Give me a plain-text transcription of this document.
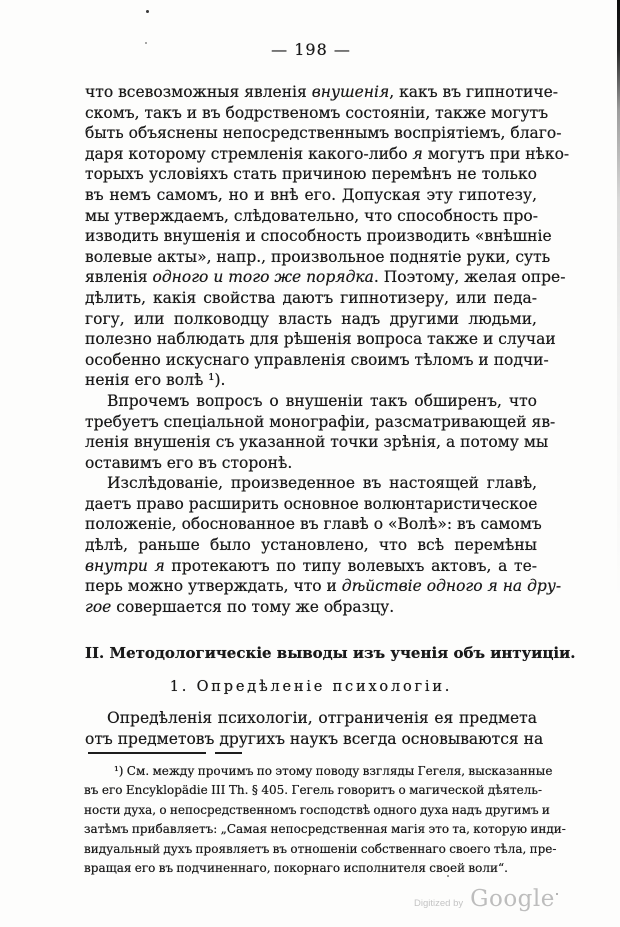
— 198 —
что всевозможныя явленія внушенія, какъ въ гипнотиче-
скомъ, такъ и въ бодрственомъ состояніи, также могутъ
быть объяснены непосредственнымъ воспріятіемъ, благо-
даря которому стремленія какого-либо я могутъ при нѣко-
торыхъ условіяхъ стать причиною перемѣнъ не только
въ немъ самомъ, но и внѣ его. Допуская эту гипотезу,
мы утверждаемъ, слѣдовательно, что способность про-
изводить внушенія и способность производить «внѣшніе
волевые акты», напр., произвольное поднятіе руки, суть
явленія одного и того же порядка. Поэтому, желая опре-
дѣлить, какія свойства даютъ гипнотизеру, или педа-
гогу, или полководцу власть надъ другими людьми,
полезно наблюдать для рѣшенія вопроса также и случаи
особенно искуснаго управленія своимъ тѣломъ и подчи-
ненія его волѣ ¹).
Впрочемъ вопросъ о внушеніи такъ обширенъ, что
требуетъ спеціальной монографіи, разсматривающей яв-
ленія внушенія съ указанной точки зрѣнія, а потому мы
оставимъ его въ сторонѣ.
Изслѣдованіе, произведенное въ настоящей главѣ,
даетъ право расширить основное волюнтаристическое
положеніе, обоснованное въ главѣ о «Волѣ»: въ самомъ
дѣлѣ, раньше было установлено, что всѣ перемѣны
внутри я протекаютъ по типу волевыхъ актовъ, а те-
перь можно утверждать, что и дѣйствіе одного я на дру-
гое совершается по тому же образцу.
II. Методологическіе выводы изъ ученія объ интуиціи.
1. Опредѣленіе психологіи.
Опредѣленія психологіи, отграниченія ея предмета
отъ предметовъ другихъ наукъ всегда основываются на
¹) См. между прочимъ по этому поводу взгляды Гегеля, высказанные
въ его Encyklopädie III Th. § 405. Гегель говоритъ о магической дѣятель-
ности духа, о непосредственномъ господствѣ одного духа надъ другимъ и
затѣмъ прибавляетъ: „Самая непосредственная магія это та, которую инди-
видуальный духъ проявляетъ въ отношеніи собственнаго своего тѣла, пре-
вращая его въ подчиненнаго, покорнаго исполнителя своей воли“.
Digitized by Google
